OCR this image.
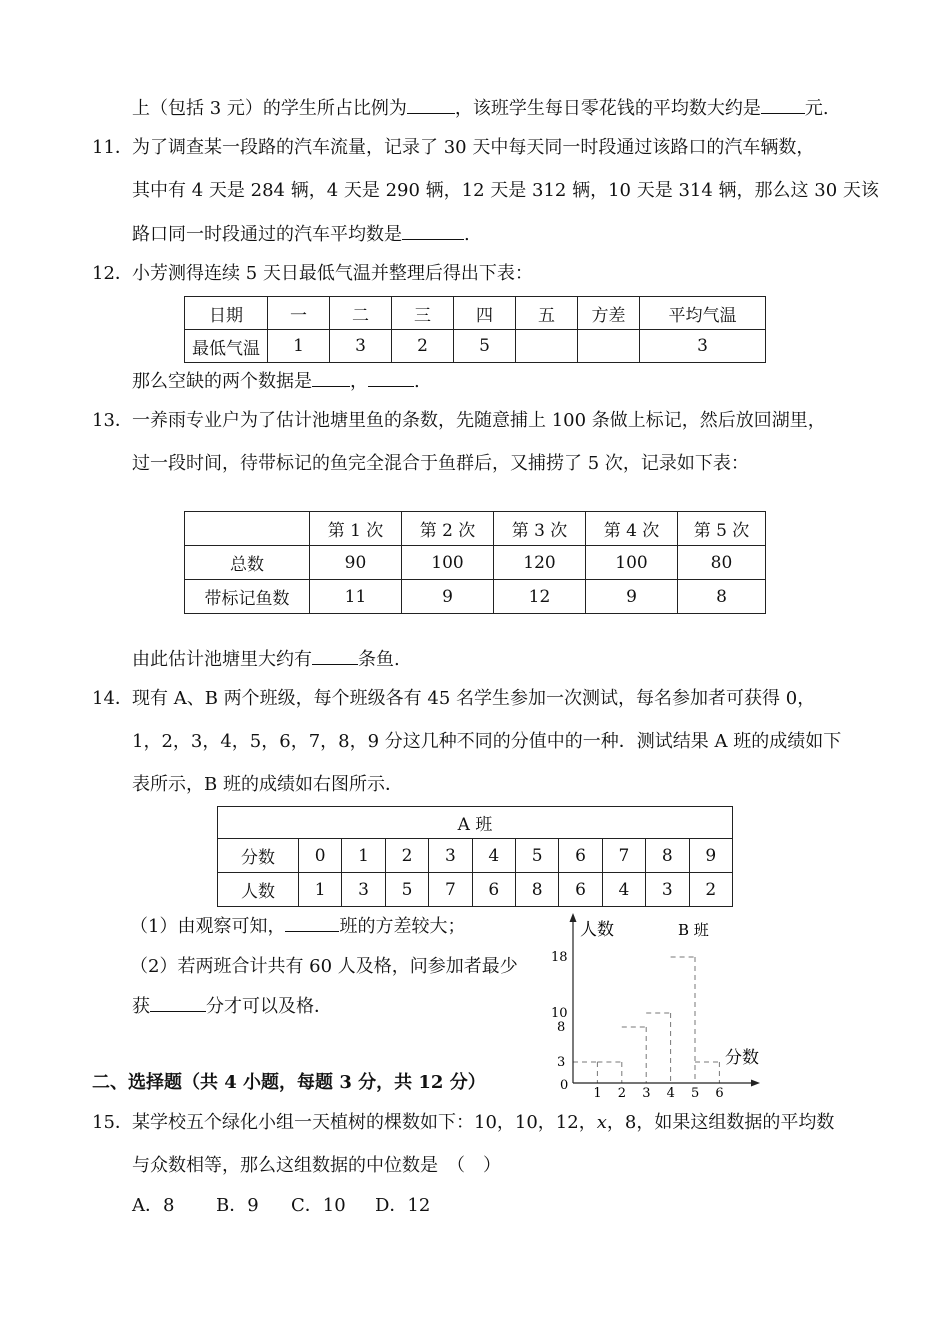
上（包括 3 元）的学生所占比例为	，该班学生每日零花钱的平均数大约是 元.
11． 为了调查某一段路的汽车流量，记录了 30 天中每天同一时段通过该路口的汽车辆数，
其中有 4 天是 284 辆，4 天是 290 辆，12 天是 312 辆，10 天是 314 辆，那么这 30 天该
路口同一时段通过的汽车平均数是	.
12． 小芳测得连续 5 天日最低气温并整理后得出下表：
日期	一	二	三	四	五	方差	平均气温
最低气温	1	3	2	5			3
那么空缺的两个数据是 ，	.
13． 一养雨专业户为了估计池塘里鱼的条数，先随意捕上 100 条做上标记，然后放回湖里，
过一段时间，待带标记的鱼完全混合于鱼群后，又捕捞了 5 次，记录如下表：
	第 1 次	第 2 次	第 3 次	第 4 次	第 5 次
总数	90	100	120	100	80
带标记鱼数	11	9	12	9	8
由此估计池塘里大约有	条鱼.
14． 现有 A、B 两个班级，每个班级各有 45 名学生参加一次测试，每名参加者可获得 0，
1，2，3，4，5，6，7，8，9 分这几种不同的分值中的一种．测试结果 A 班的成绩如下
表所示，B 班的成绩如右图所示．
A 班										
分数	0	1	2	3	4	5	6	7	8	9
人数	1	3	5	7	6	8	6	4	3	2
（1）由观察可知，	班的方差较大；
（2）若两班合计共有 60 人及格，问参加者最少
获	分才可以及格．
人数	B 班
分数
0
3
8
10
18
1 2 3 4 5 6
二、选择题（共 4 小题，每题 3 分，共 12 分）
15． 某学校五个绿化小组一天植树的棵数如下：10，10，12，x，8，如果这组数据的平均数
与众数相等，那么这组数据的中位数是　（　）
A．8 B．9 C．10 D．12
